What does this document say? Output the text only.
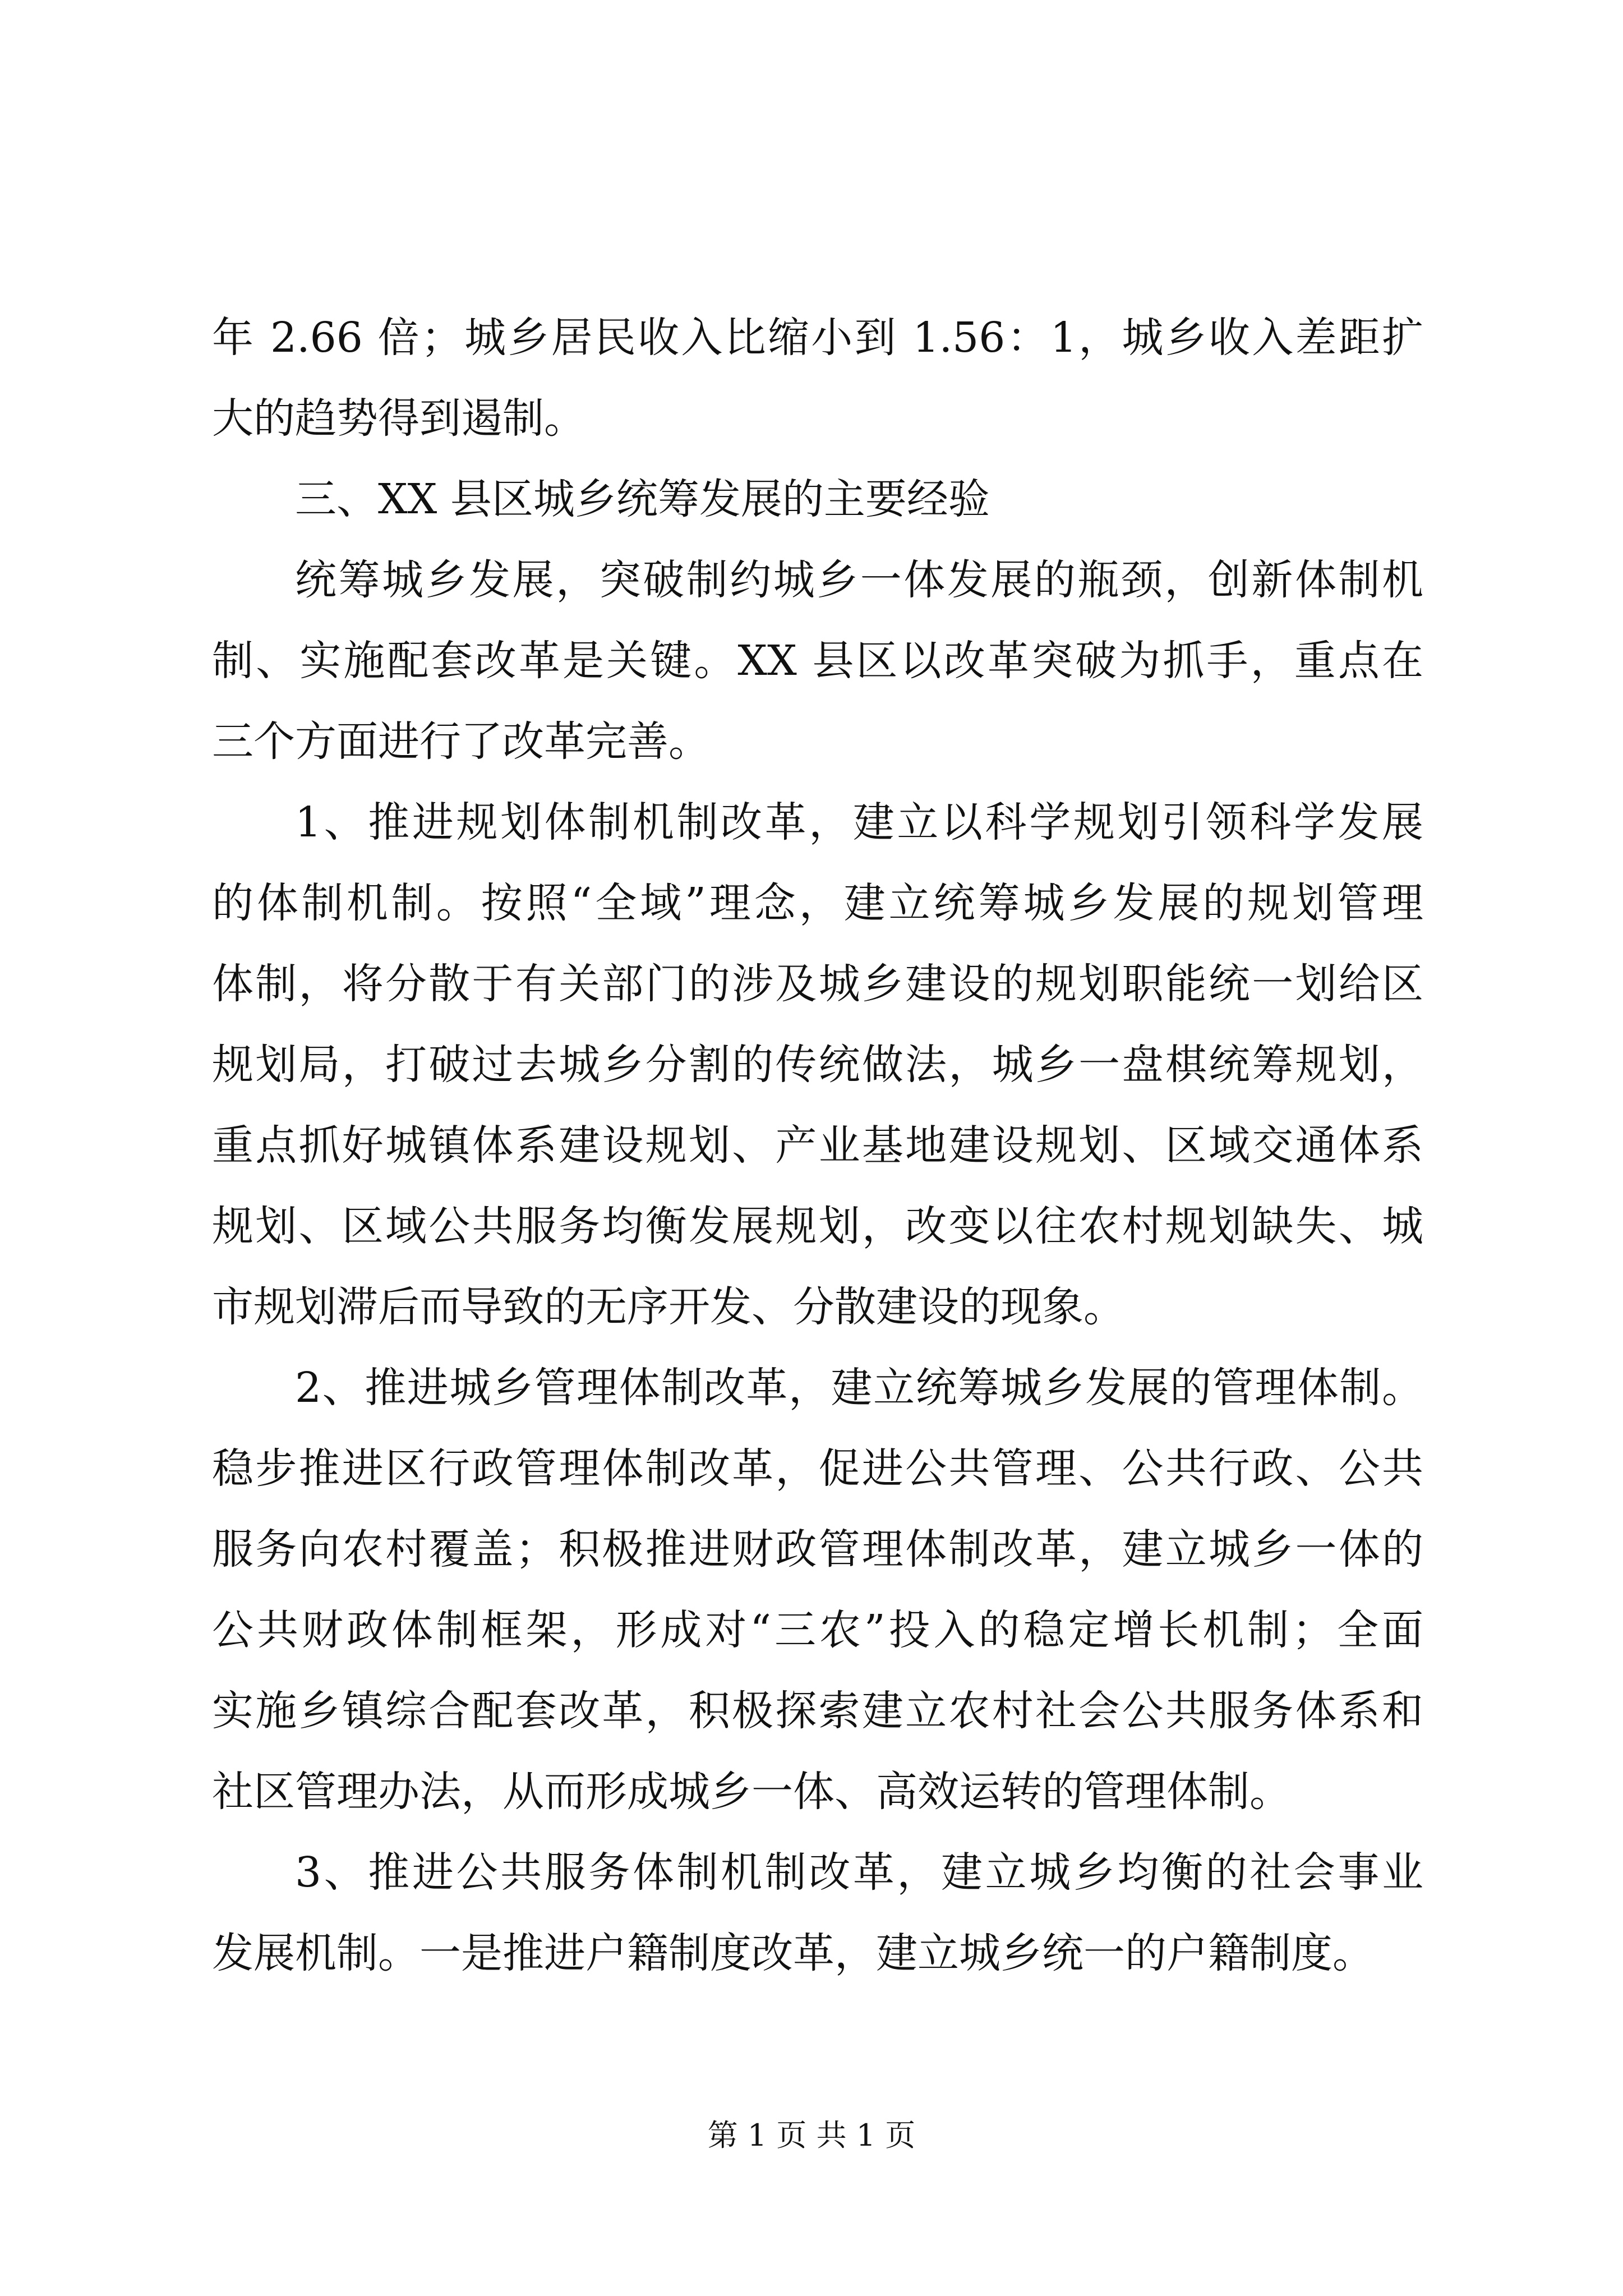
年 2.66 倍；城乡居民收入比缩小到 1.56：1，城乡收入差距扩
大的趋势得到遏制。
三、XX 县区城乡统筹发展的主要经验
统筹城乡发展，突破制约城乡一体发展的瓶颈，创新体制机
制、实施配套改革是关键。XX 县区以改革突破为抓手，重点在
三个方面进行了改革完善。
1、推进规划体制机制改革，建立以科学规划引领科学发展
的体制机制。按照“全域”理念，建立统筹城乡发展的规划管理
体制，将分散于有关部门的涉及城乡建设的规划职能统一划给区
规划局，打破过去城乡分割的传统做法，城乡一盘棋统筹规划，
重点抓好城镇体系建设规划、产业基地建设规划、区域交通体系
规划、区域公共服务均衡发展规划，改变以往农村规划缺失、城
市规划滞后而导致的无序开发、分散建设的现象。
2、推进城乡管理体制改革，建立统筹城乡发展的管理体制。
稳步推进区行政管理体制改革，促进公共管理、公共行政、公共
服务向农村覆盖；积极推进财政管理体制改革，建立城乡一体的
公共财政体制框架，形成对“三农”投入的稳定增长机制；全面
实施乡镇综合配套改革，积极探索建立农村社会公共服务体系和
社区管理办法，从而形成城乡一体、高效运转的管理体制。
3、推进公共服务体制机制改革，建立城乡均衡的社会事业
发展机制。一是推进户籍制度改革，建立城乡统一的户籍制度。
第 1 页 共 1 页
